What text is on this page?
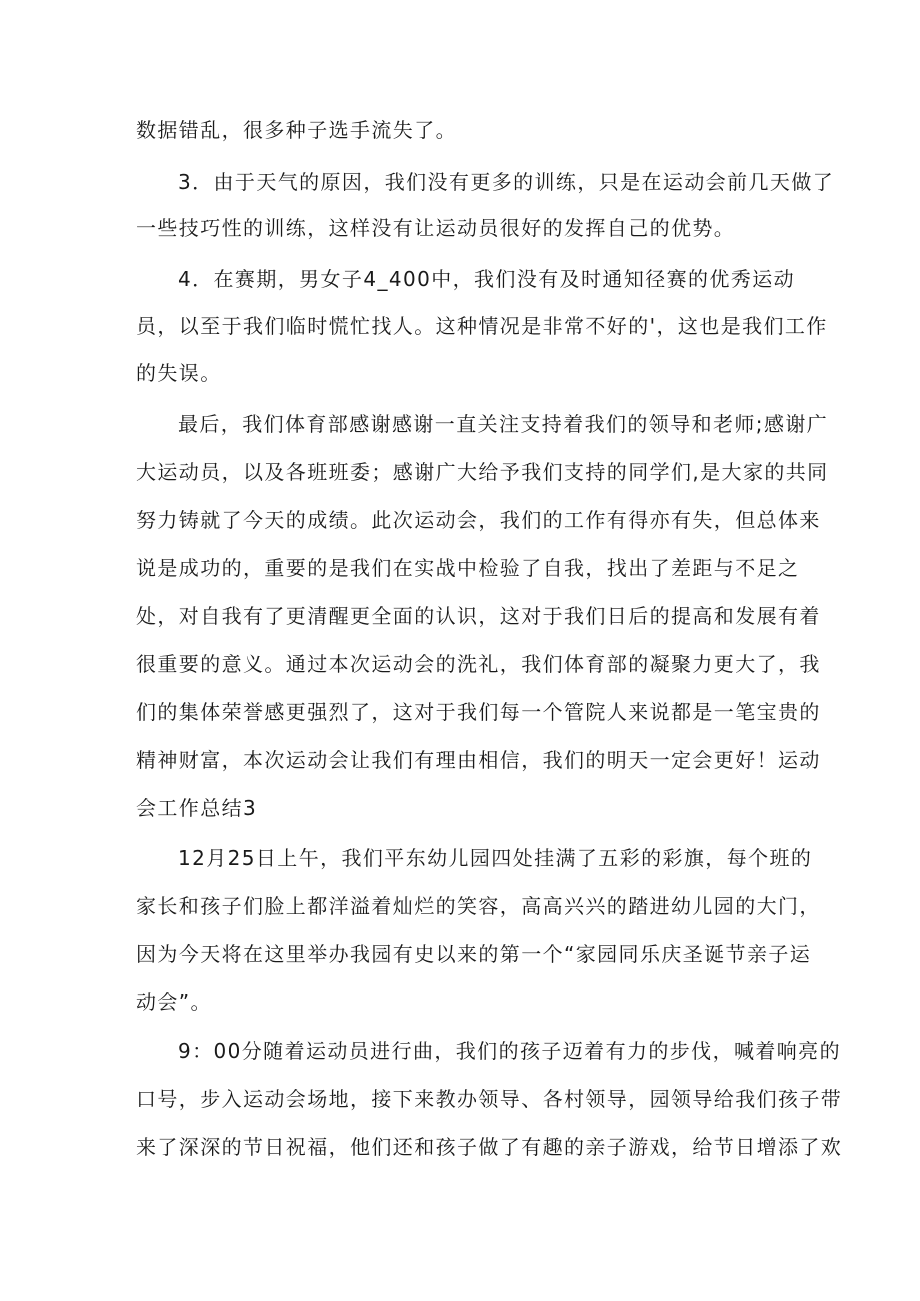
数据错乱，很多种子选手流失了。
3．由于天气的原因，我们没有更多的训练，只是在运动会前几天做了
一些技巧性的训练，这样没有让运动员很好的发挥自己的优势。
4．在赛期，男女子4_400中，我们没有及时通知径赛的优秀运动
员，以至于我们临时慌忙找人。这种情况是非常不好的'，这也是我们工作
的失误。
最后，我们体育部感谢感谢一直关注支持着我们的领导和老师;感谢广
大运动员，以及各班班委；感谢广大给予我们支持的同学们,是大家的共同
努力铸就了今天的成绩。此次运动会，我们的工作有得亦有失，但总体来
说是成功的，重要的是我们在实战中检验了自我，找出了差距与不足之
处，对自我有了更清醒更全面的认识，这对于我们日后的提高和发展有着
很重要的意义。通过本次运动会的洗礼，我们体育部的凝聚力更大了，我
们的集体荣誉感更强烈了，这对于我们每一个管院人来说都是一笔宝贵的
精神财富，本次运动会让我们有理由相信，我们的明天一定会更好！运动
会工作总结3
12月25日上午，我们平东幼儿园四处挂满了五彩的彩旗，每个班的
家长和孩子们脸上都洋溢着灿烂的笑容，高高兴兴的踏进幼儿园的大门，
因为今天将在这里举办我园有史以来的第一个“家园同乐庆圣诞节亲子运
动会”。
9：00分随着运动员进行曲，我们的孩子迈着有力的步伐，喊着响亮的
口号，步入运动会场地，接下来教办领导、各村领导，园领导给我们孩子带
来了深深的节日祝福，他们还和孩子做了有趣的亲子游戏，给节日增添了欢
